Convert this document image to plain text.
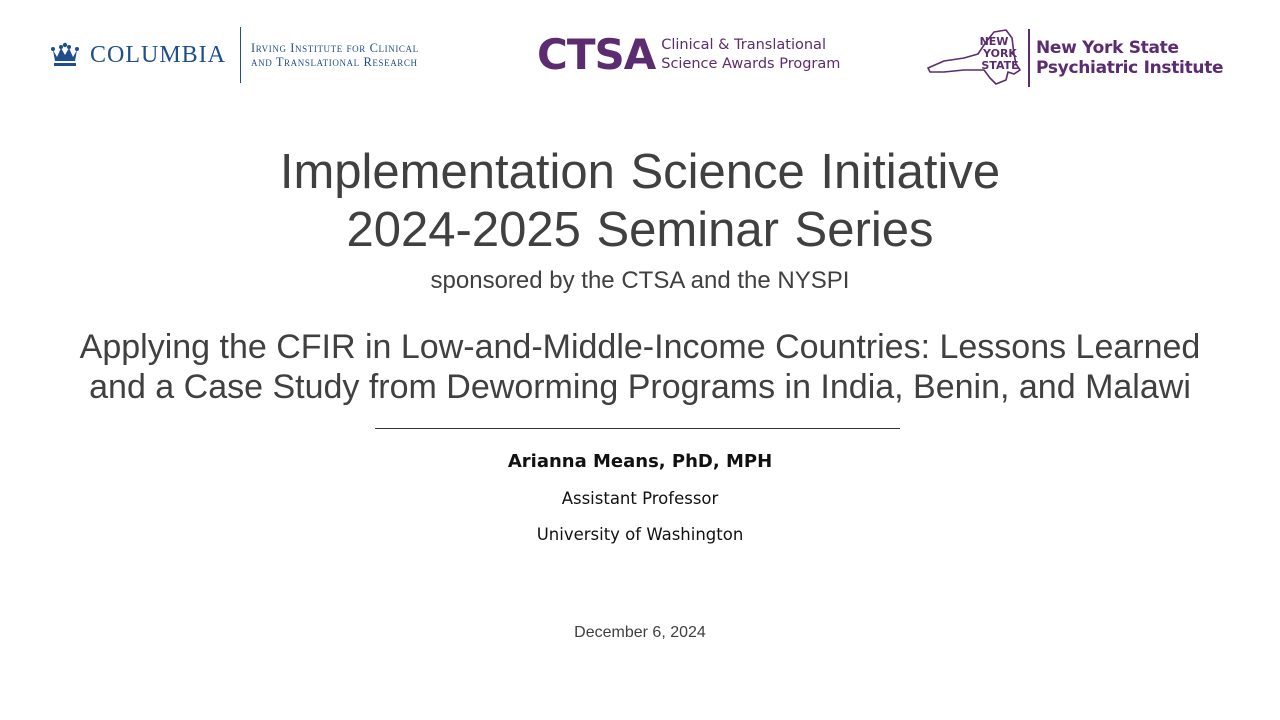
COLUMBIA Irving Institute for Clinical
and Translational Research	CTSA Clinical & Translational
Science Awards Program
NEW
YORK
STATE
New York State
Psychiatric Institute
Implementation Science Initiative
2024-2025 Seminar Series
sponsored by the CTSA and the NYSPI
Applying the CFIR in Low-and-Middle-Income Countries: Lessons Learned
and a Case Study from Deworming Programs in India, Benin, and Malawi
Arianna Means, PhD, MPH
Assistant Professor
University of Washington
December 6, 2024
